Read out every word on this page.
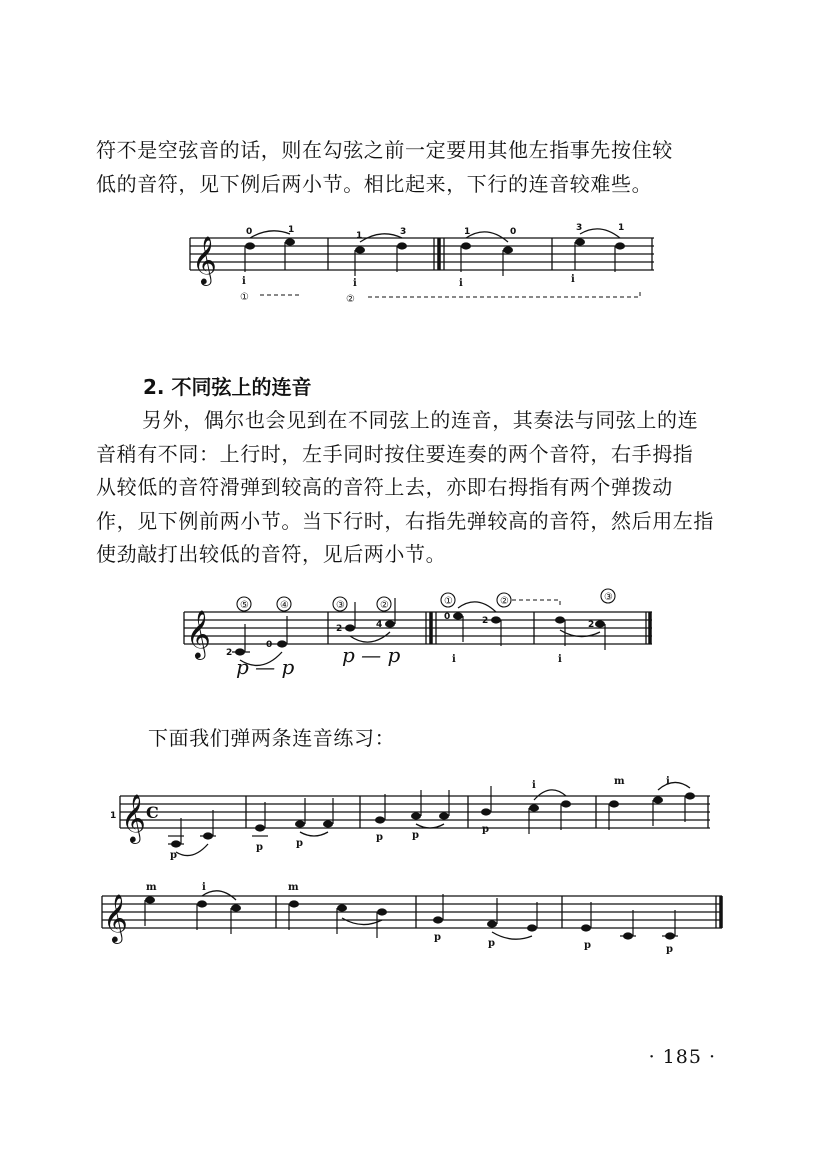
符不是空弦音的话，则在勾弦之前一定要用其他左指事先按住较
低的音符，见下例后两小节。相比起来，下行的连音较难些。

𝄞
0	1
i
1	3
i
1	0
i
3	1
i
①	②
2. 不同弦上的连音

另外，偶尔也会见到在不同弦上的连音，其奏法与同弦上的连
音稍有不同：上行时，左手同时按住要连奏的两个音符，右手拇指
从较低的音符滑弹到较高的音符上去，亦即右拇指有两个弹拨动
作，见下例前两小节。当下行时，右指先弹较高的音符，然后用左指
使劲敲打出较低的音符，见后两小节。

𝄞 2
0
⑤	④
p — p
2	4
③	②
p — p
0	2
①	②
i
2
③
i

下面我们弹两条连音练习：

1 𝄞 C
p
p	p
p	p
p
i	m	i
𝄞
m	i	m
p
p	p	p
· 185 ·
